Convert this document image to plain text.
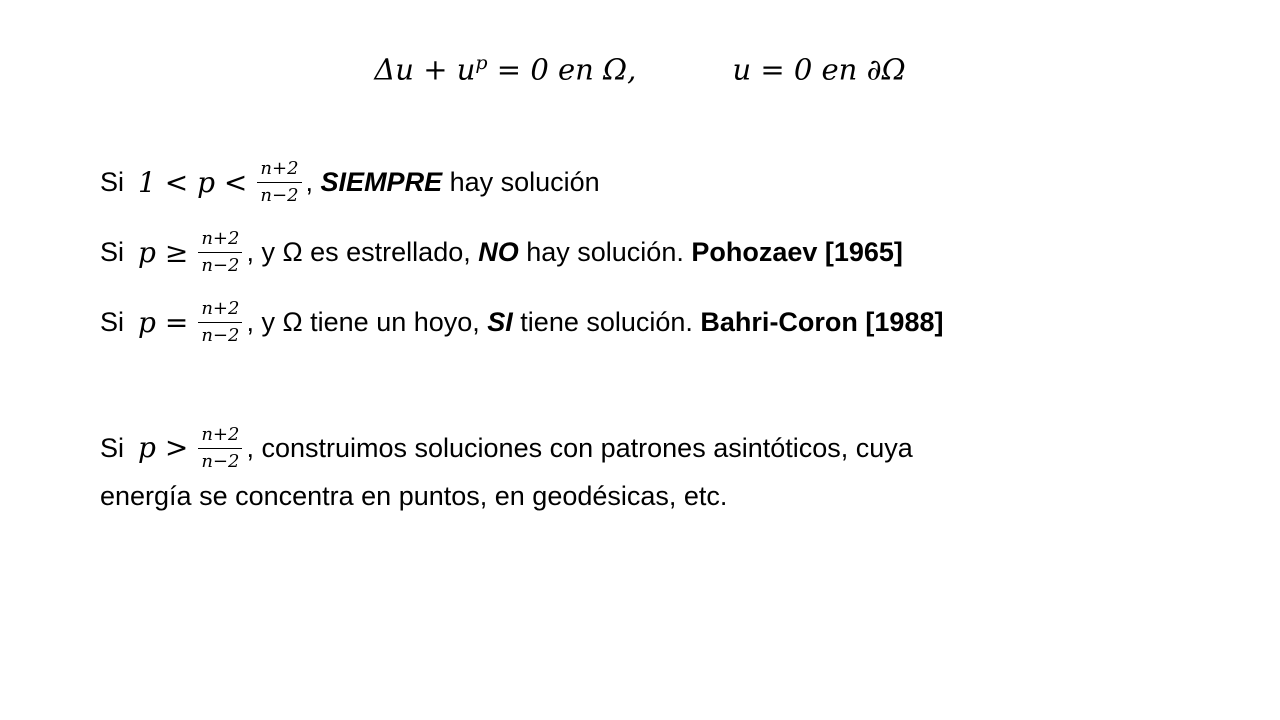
$\Delta u + u^p = 0$ en Ω,	u = 0 en ∂Ω
Si $1 < p < \frac{n+2}{n-2}$ , SIEMPRE hay solución
Si $p \ge \frac{n+2}{n-2}$ , y Ω es estrellado, NO hay solución. Pohozaev [1965]
Si $p = \frac{n+2}{n-2}$ , y Ω tiene un hoyo, SI tiene solución. Bahri-Coron [1988]
Si $p > \frac{n+2}{n-2}$ , construimos soluciones con patrones asintóticos, cuya
energía se concentra en puntos, en geodésicas, etc.
